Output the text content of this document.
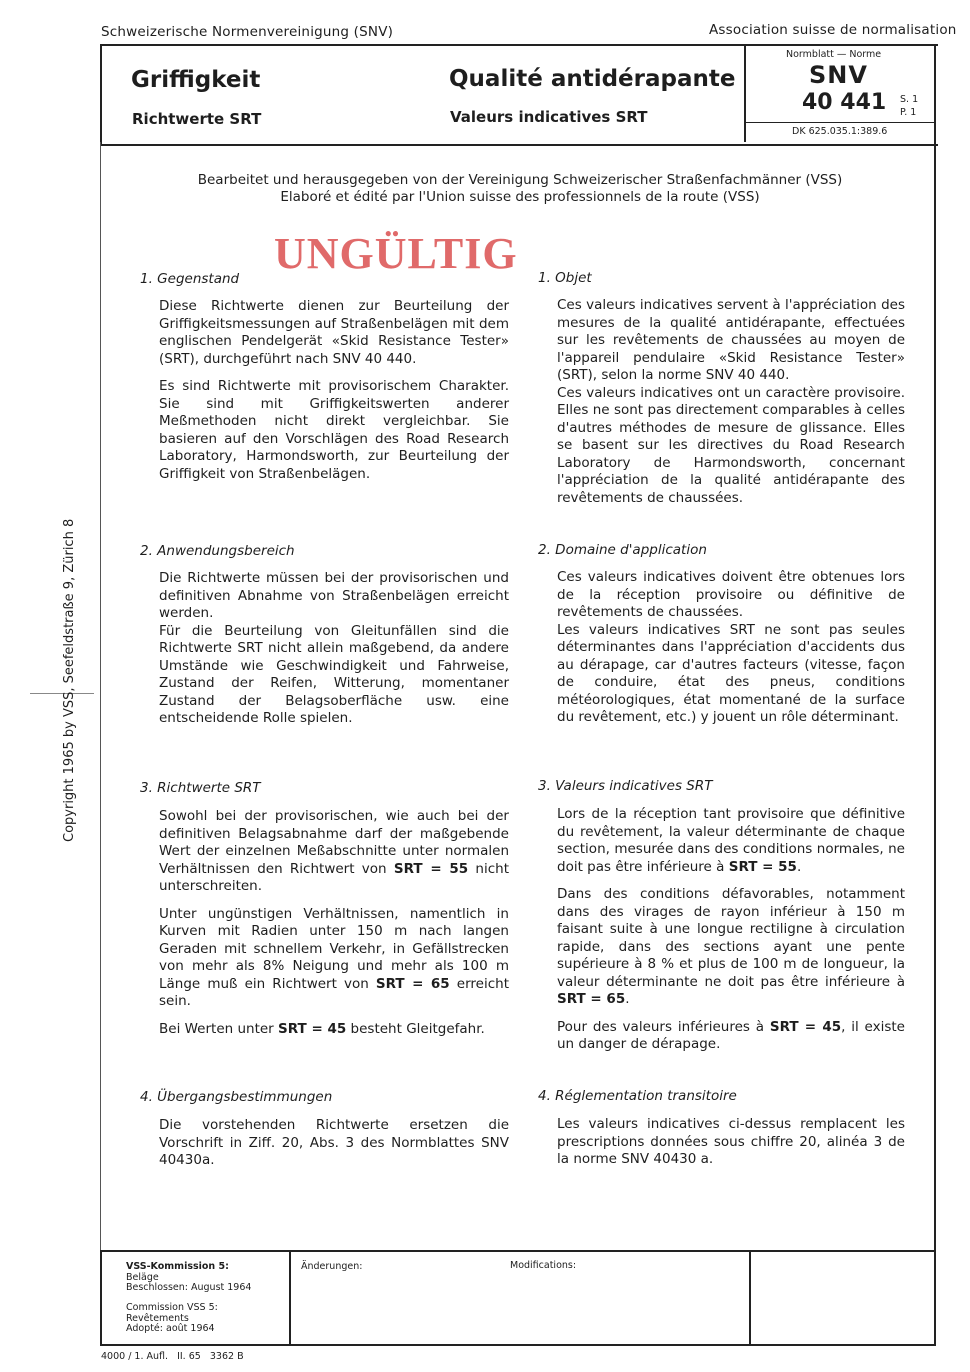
Schweizerische Normenvereinigung (SNV)	Association suisse de normalisation
Griffigkeit
Richtwerte SRT
Qualité antidérapante
Valeurs indicatives SRT
Normblatt — Norme
SNV
40 441 S. 1
P. 1
DK 625.035.1:389.6
Bearbeitet und herausgegeben von der Vereinigung Schweizerischer Straßenfachmänner (VSS)
Elaboré et édité par l'Union suisse des professionnels de la route (VSS)
UNGÜLTIG
Copyright 1965 by VSS, Seefeldstraße 9, Zürich 8
1. Gegenstand

Diese Richtwerte dienen zur Beurteilung der Griffigkeitsmessungen auf Straßenbelägen mit dem englischen Pendelgerät «Skid Resistance Tester» (SRT), durchgeführt nach SNV 40 440.

Es sind Richtwerte mit provisorischem Charakter. Sie sind mit Griffigkeitswerten anderer Meßmethoden nicht direkt vergleichbar. Sie basieren auf den Vorschlägen des Road Research Laboratory, Harmondsworth, zur Beurteilung der Griffigkeit von Straßenbelägen.

2. Anwendungsbereich

Die Richtwerte müssen bei der provisorischen und definitiven Abnahme von Straßenbelägen erreicht werden.

Für die Beurteilung von Gleitunfällen sind die Richtwerte SRT nicht allein maßgebend, da andere Umstände wie Geschwindigkeit und Fahrweise, Zustand der Reifen, Witterung, momentaner Zustand der Belagsoberfläche usw. eine entscheidende Rolle spielen.

3. Richtwerte SRT

Sowohl bei der provisorischen, wie auch bei der definitiven Belagsabnahme darf der maßgebende Wert der einzelnen Meßabschnitte unter normalen Verhältnissen den Richtwert von SRT = 55 nicht unterschreiten.

Unter ungünstigen Verhältnissen, namentlich in Kurven mit Radien unter 150 m nach langen Geraden mit schnellem Verkehr, in Gefällstrecken von mehr als 8% Neigung und mehr als 100 m Länge muß ein Richtwert von SRT = 65 erreicht sein.

Bei Werten unter SRT = 45 besteht Gleitgefahr.

4. Übergangsbestimmungen

Die vorstehenden Richtwerte ersetzen die Vorschrift in Ziff. 20, Abs. 3 des Normblattes SNV 40430a.

1. Objet

Ces valeurs indicatives servent à l'appréciation des mesures de la qualité antidérapante, effectuées sur les revêtements de chaussées au moyen de l'appareil pendulaire «Skid Resistance Tester» (SRT), selon la norme SNV 40 440.

Ces valeurs indicatives ont un caractère provisoire. Elles ne sont pas directement comparables à celles d'autres méthodes de mesure de glissance. Elles se basent sur les directives du Road Research Laboratory de Harmondsworth, concernant l'appréciation de la qualité antidérapante des revêtements de chaussées.

2. Domaine d'application

Ces valeurs indicatives doivent être obtenues lors de la réception provisoire ou définitive de revêtements de chaussées.

Les valeurs indicatives SRT ne sont pas seules déterminantes dans l'appréciation d'accidents dus au dérapage, car d'autres facteurs (vitesse, façon de conduire, état des pneus, conditions météorologiques, état momentané de la surface du revêtement, etc.) y jouent un rôle déterminant.

3. Valeurs indicatives SRT

Lors de la réception tant provisoire que définitive du revêtement, la valeur déterminante de chaque section, mesurée dans des conditions normales, ne doit pas être inférieure à SRT = 55.

Dans des conditions défavorables, notamment dans des virages de rayon inférieur à 150 m faisant suite à une longue rectiligne à circulation rapide, dans des sections ayant une pente supérieure à 8 % et plus de 100 m de longueur, la valeur déterminante ne doit pas être inférieure à SRT = 65.

Pour des valeurs inférieures à SRT = 45, il existe un danger de dérapage.

4. Réglementation transitoire

Les valeurs indicatives ci-dessus remplacent les prescriptions données sous chiffre 20, alinéa 3 de la norme SNV 40430 a.

VSS-Kommission 5:
Beläge
Beschlossen: August 1964
Commission VSS 5:
Revêtements
Adopté: août 1964
Änderungen:	Modifications:
4000 / 1. Aufl.   II. 65   3362 B
